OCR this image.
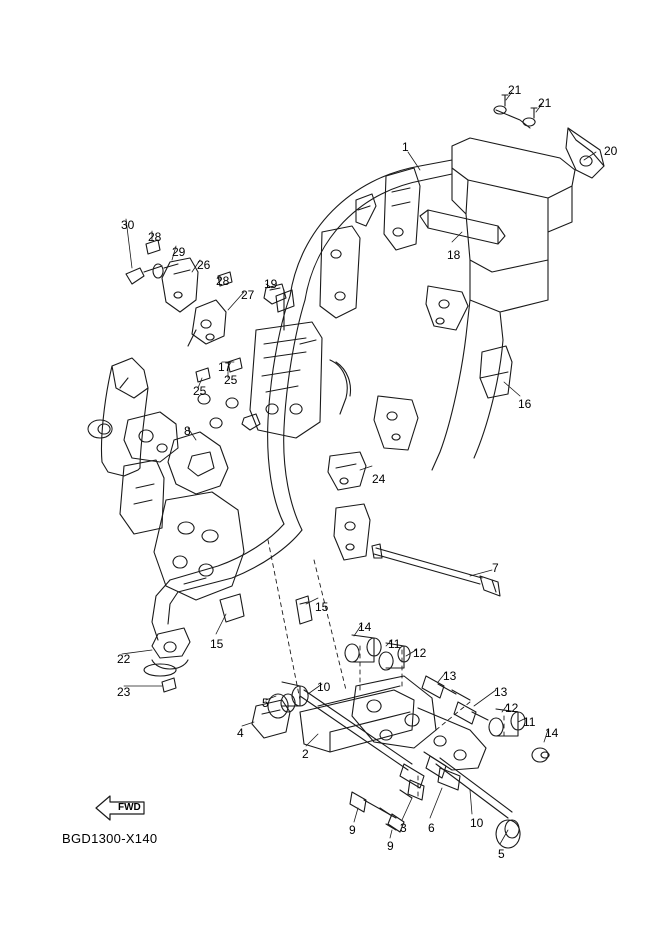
FWD
21
21
20
1
18
30
28
29
26
28	19
27
17
25
25
16
8
24
7
15
15
14
11
12
13
13
12
11
14
10
5
4
2
22
23
9
9
3 6	10
5
BGD1300-X140
